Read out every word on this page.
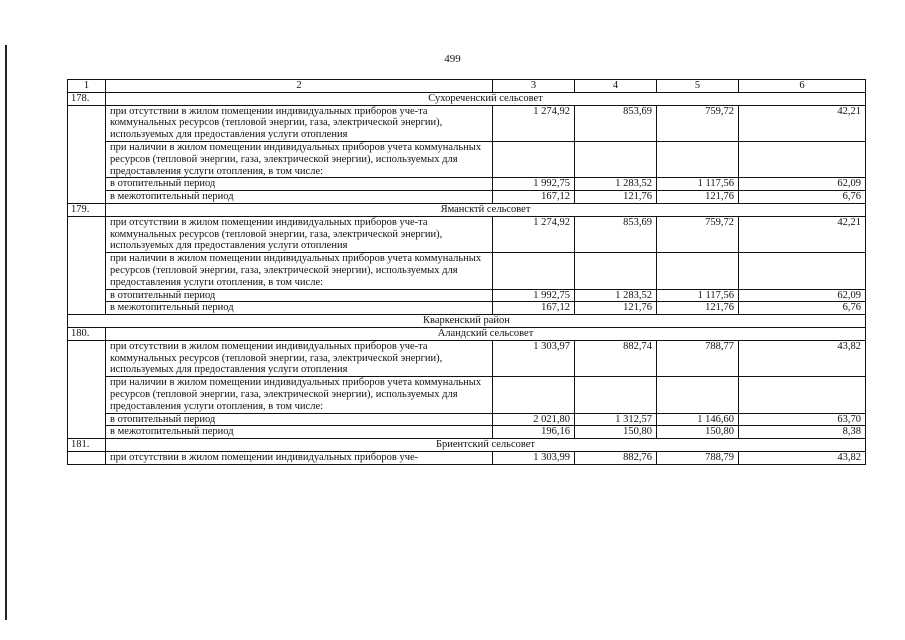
499
1	2	3	4	5	6
178.	Сухореченский сельсовет				
	при отсутствии в жилом помещении индивидуальных приборов уче-та коммунальных ресурсов (тепловой энергии, газа, электрической энергии), используемых для предоставления услуги отопления	1 274,92	853,69	759,72	42,21
	при наличии в жилом помещении индивидуальных приборов учета коммунальных ресурсов (тепловой энергии, газа, электрической энергии), используемых для предоставления услуги отопления, в том числе:				
	в отопительный период	1 992,75	1 283,52	1 117,56	62,09
	в межотопительный период	167,12	121,76	121,76	6,76
179.	Ямансктй сельсовет				
	при отсутствии в жилом помещении индивидуальных приборов уче-та коммунальных ресурсов (тепловой энергии, газа, электрической энергии), используемых для предоставления услуги отопления	1 274,92	853,69	759,72	42,21
	при наличии в жилом помещении индивидуальных приборов учета коммунальных ресурсов (тепловой энергии, газа, электрической энергии), используемых для предоставления услуги отопления, в том числе:				
	в отопительный период	1 992,75	1 283,52	1 117,56	62,09
	в межотопительный период	167,12	121,76	121,76	6,76
Кваркенский район					
180.	Аландский сельсовет				
	при отсутствии в жилом помещении индивидуальных приборов уче-та коммунальных ресурсов (тепловой энергии, газа, электрической энергии), используемых для предоставления услуги отопления	1 303,97	882,74	788,77	43,82
	при наличии в жилом помещении индивидуальных приборов учета коммунальных ресурсов (тепловой энергии, газа, электрической энергии), используемых для предоставления услуги отопления, в том числе:				
	в отопительный период	2 021,80	1 312,57	1 146,60	63,70
	в межотопительный период	196,16	150,80	150,80	8,38
181.	Бриентский сельсовет				
	при отсутствии в жилом помещении индивидуальных приборов уче-	1 303,99	882,76	788,79	43,82
